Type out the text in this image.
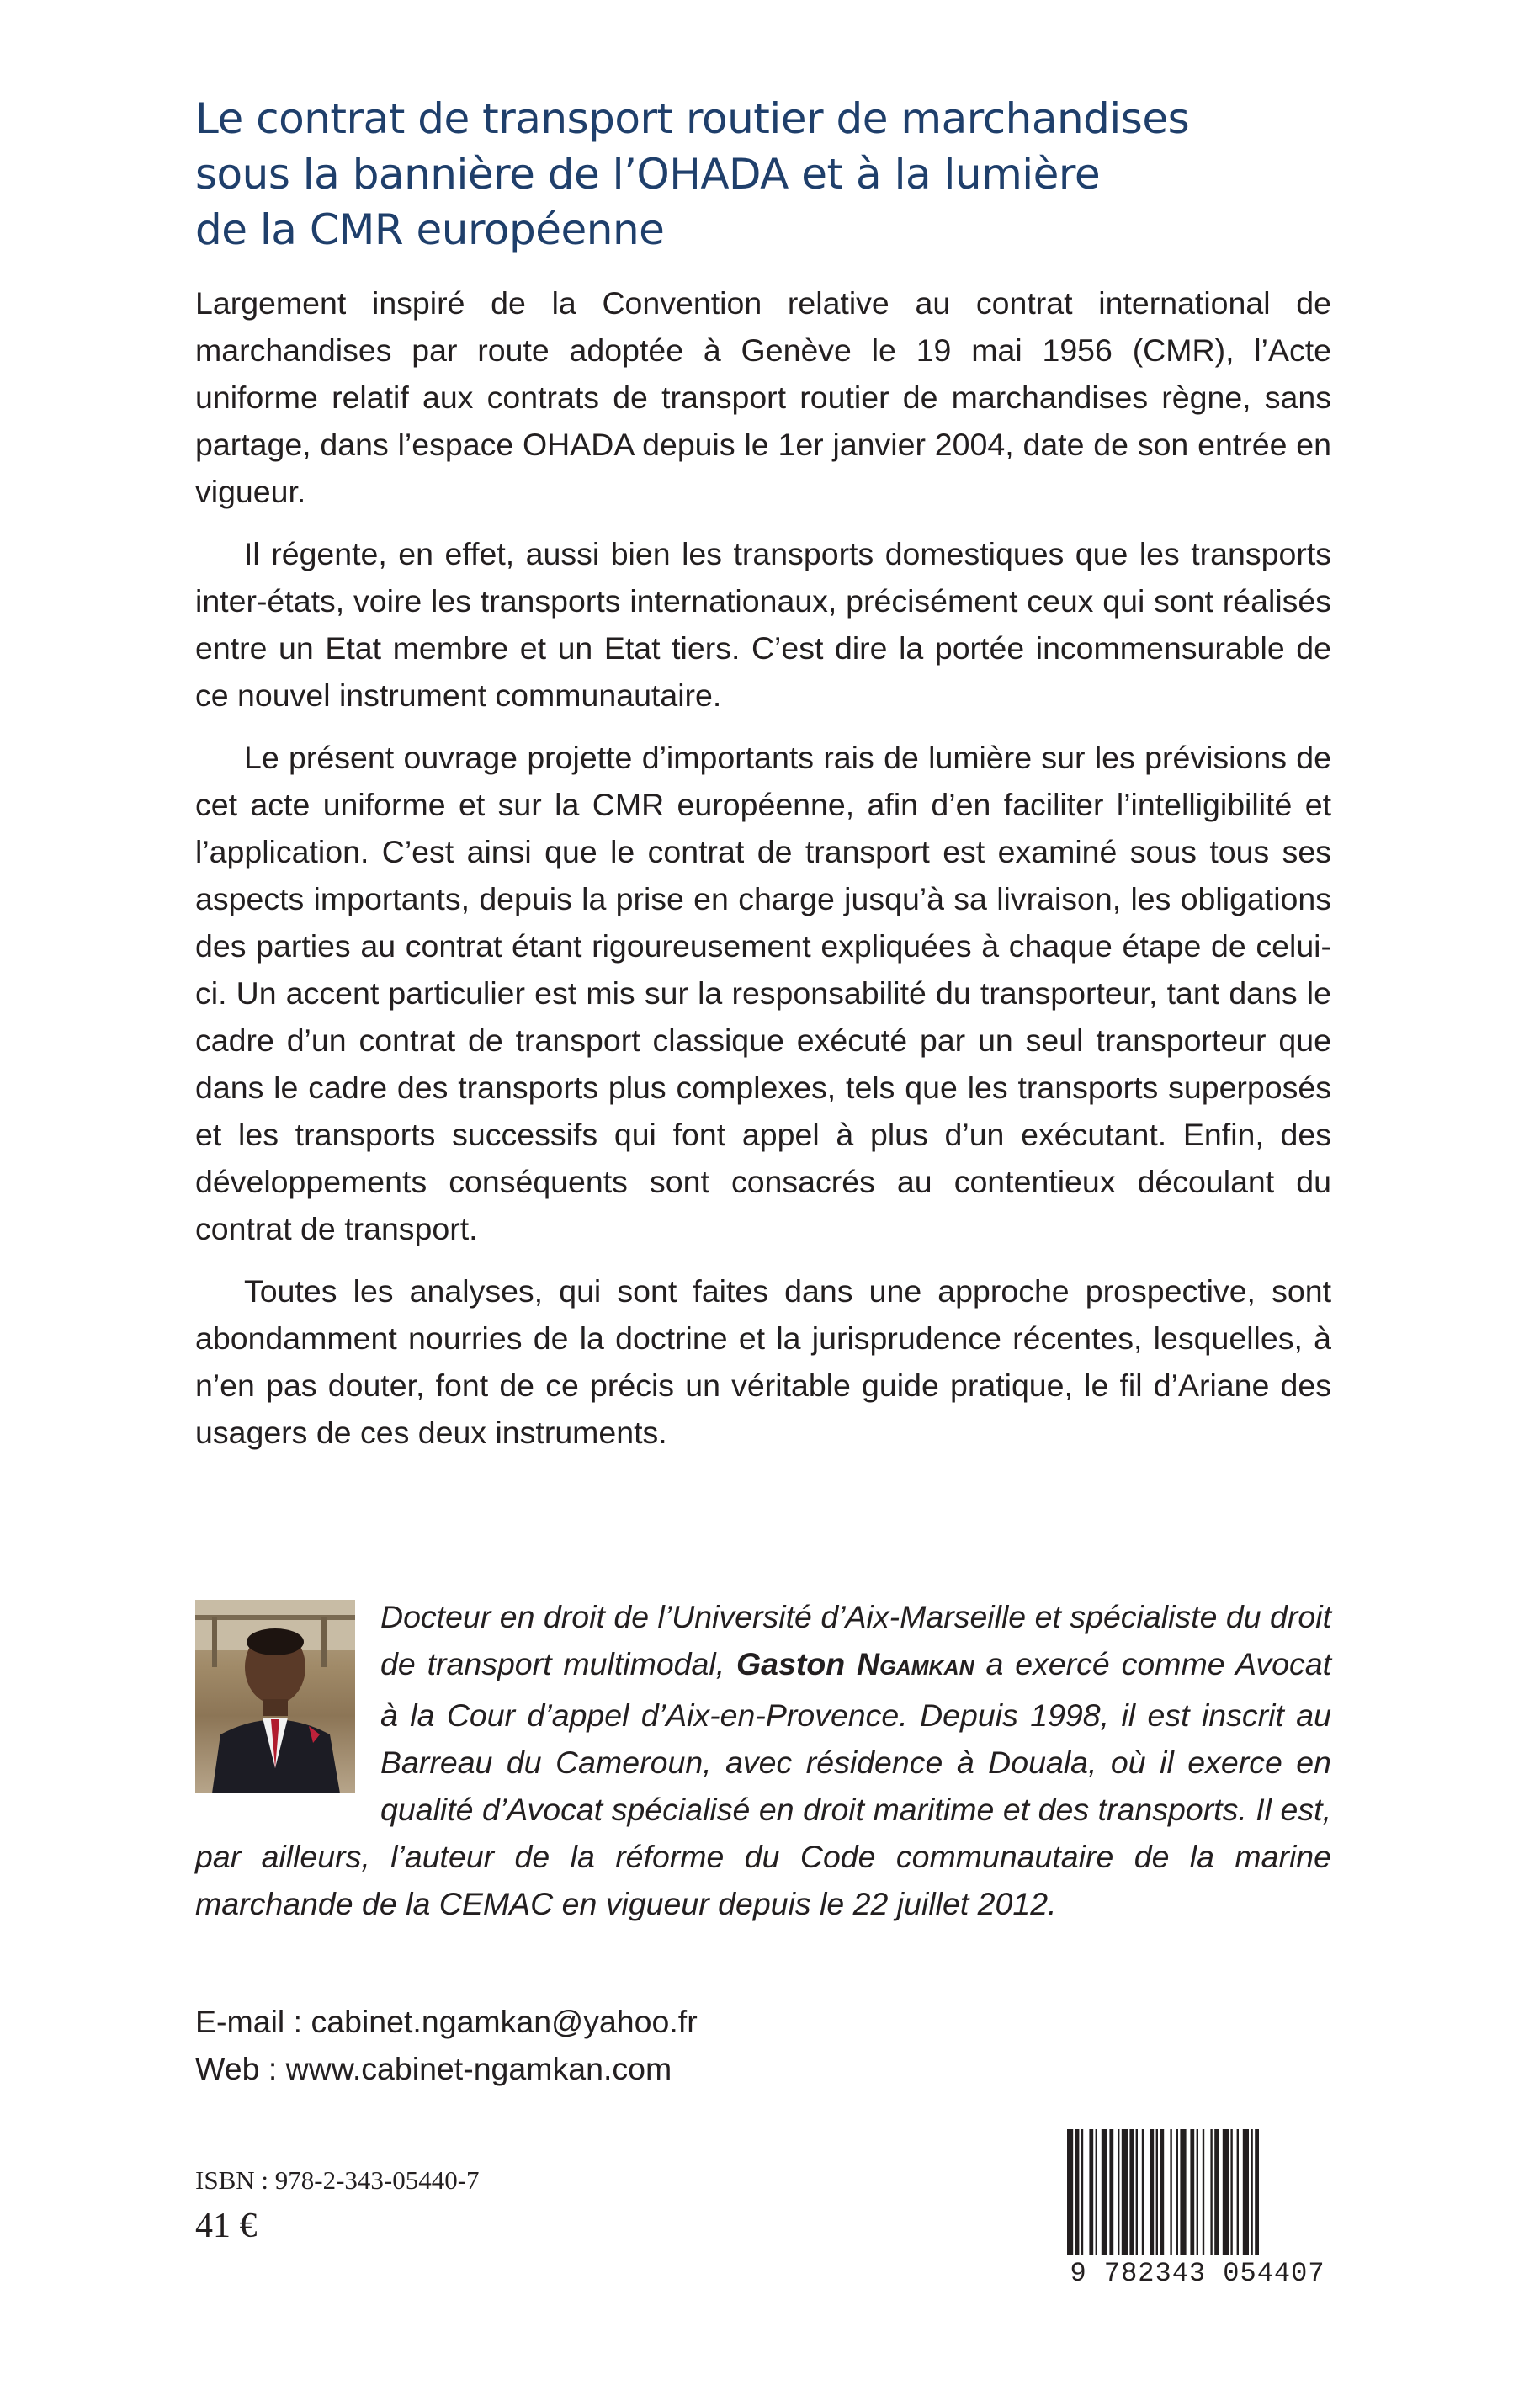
Le contrat de transport routier de marchandises
sous la bannière de l’OHADA et à la lumière
de la CMR européenne

Largement inspiré de la Convention relative au contrat international de marchandises par route adoptée à Genève le 19 mai 1956 (CMR), l’Acte uniforme relatif aux contrats de transport routier de marchandises règne, sans partage, dans l’espace OHADA depuis le 1er janvier 2004, date de son entrée en vigueur.

Il régente, en effet, aussi bien les transports domestiques que les transports inter-états, voire les transports internationaux, précisément ceux qui sont réalisés entre un Etat membre et un Etat tiers. C’est dire la portée incommensurable de ce nouvel instrument communautaire.

Le présent ouvrage projette d’importants rais de lumière sur les prévisions de cet acte uniforme et sur la CMR européenne, afin d’en faciliter l’intelligibilité et l’application. C’est ainsi que le contrat de transport est examiné sous tous ses aspects importants, depuis la prise en charge jusqu’à sa livraison, les obligations des parties au contrat étant rigoureusement expliquées à chaque étape de celui-ci. Un accent particulier est mis sur la responsabilité du transporteur, tant dans le cadre d’un contrat de transport classique exécuté par un seul transporteur que dans le cadre des transports plus complexes, tels que les transports superposés et les transports successifs qui font appel à plus d’un exécutant. Enfin, des développements conséquents sont consacrés au contentieux découlant du contrat de transport.

Toutes les analyses, qui sont faites dans une approche prospective, sont abondamment nourries de la doctrine et la jurisprudence récentes, lesquelles, à n’en pas douter, font de ce précis un véritable guide pratique, le fil d’Ariane des usagers de ces deux instruments.

Docteur en droit de l’Université d’Aix-Marseille et spécialiste du droit de transport multimodal, Gaston NGAMKAN a exercé comme Avocat à la Cour d’appel d’Aix-en-Provence. Depuis 1998, il est inscrit au Barreau du Cameroun, avec résidence à Douala, où il exerce en qualité d’Avocat spécialisé en droit maritime et des transports. Il est, par ailleurs, l’auteur de la réforme du Code communautaire de la marine marchande de la CEMAC en vigueur depuis le 22 juillet 2012.

E-mail : cabinet.ngamkan@yahoo.fr
Web : www.cabinet-ngamkan.com
ISBN : 978-2-343-05440-7
41 €
9 782343 054407
